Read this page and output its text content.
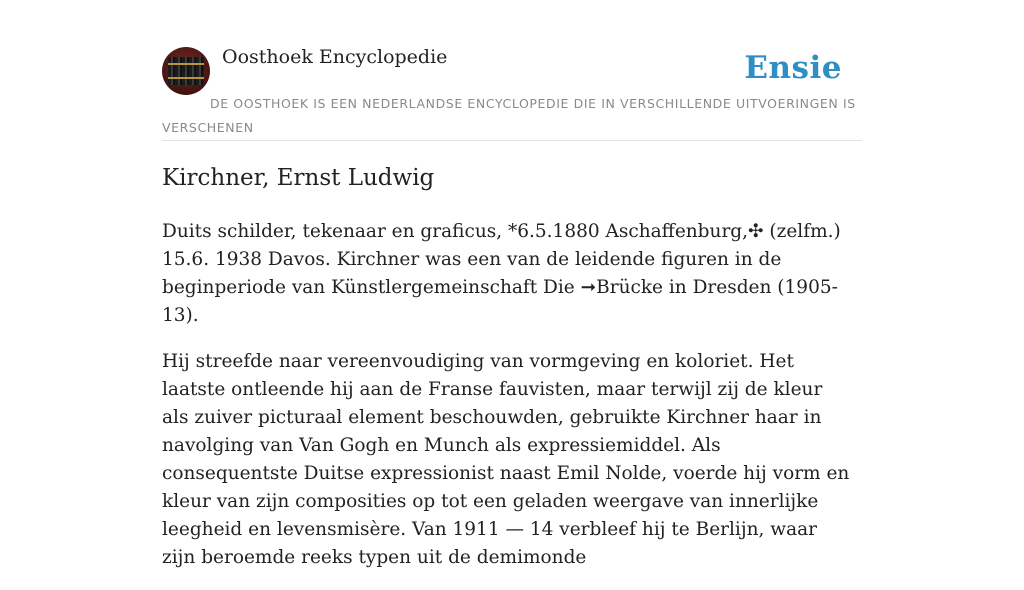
Oosthoek Encyclopedie	Ensie
DE OOSTHOEK IS EEN NEDERLANDSE ENCYCLOPEDIE DIE IN VERSCHILLENDE UITVOERINGEN IS VERSCHENEN
Kirchner, Ernst Ludwig

Duits schilder, tekenaar en graficus, *6.5.1880 Aschaffenburg,✣ (zelfm.) 15.6. 1938 Davos. Kirchner was een van de leidende figuren in de beginperiode van Künstlergemeinschaft Die ➞Brücke in Dresden (1905-13).

Hij streefde naar vereenvoudiging van vormgeving en koloriet. Het laatste ontleende hij aan de Franse fauvisten, maar terwijl zij de kleur als zuiver picturaal element beschouwden, gebruikte Kirchner haar in navolging van Van Gogh en Munch als expressiemiddel. Als consequentste Duitse expressionist naast Emil Nolde, voerde hij vorm en kleur van zijn composities op tot een geladen weergave van innerlijke leegheid en levensmisère. Van 1911 — 14 verbleef hij te Berlijn, waar zijn beroemde reeks typen uit de demimonde
